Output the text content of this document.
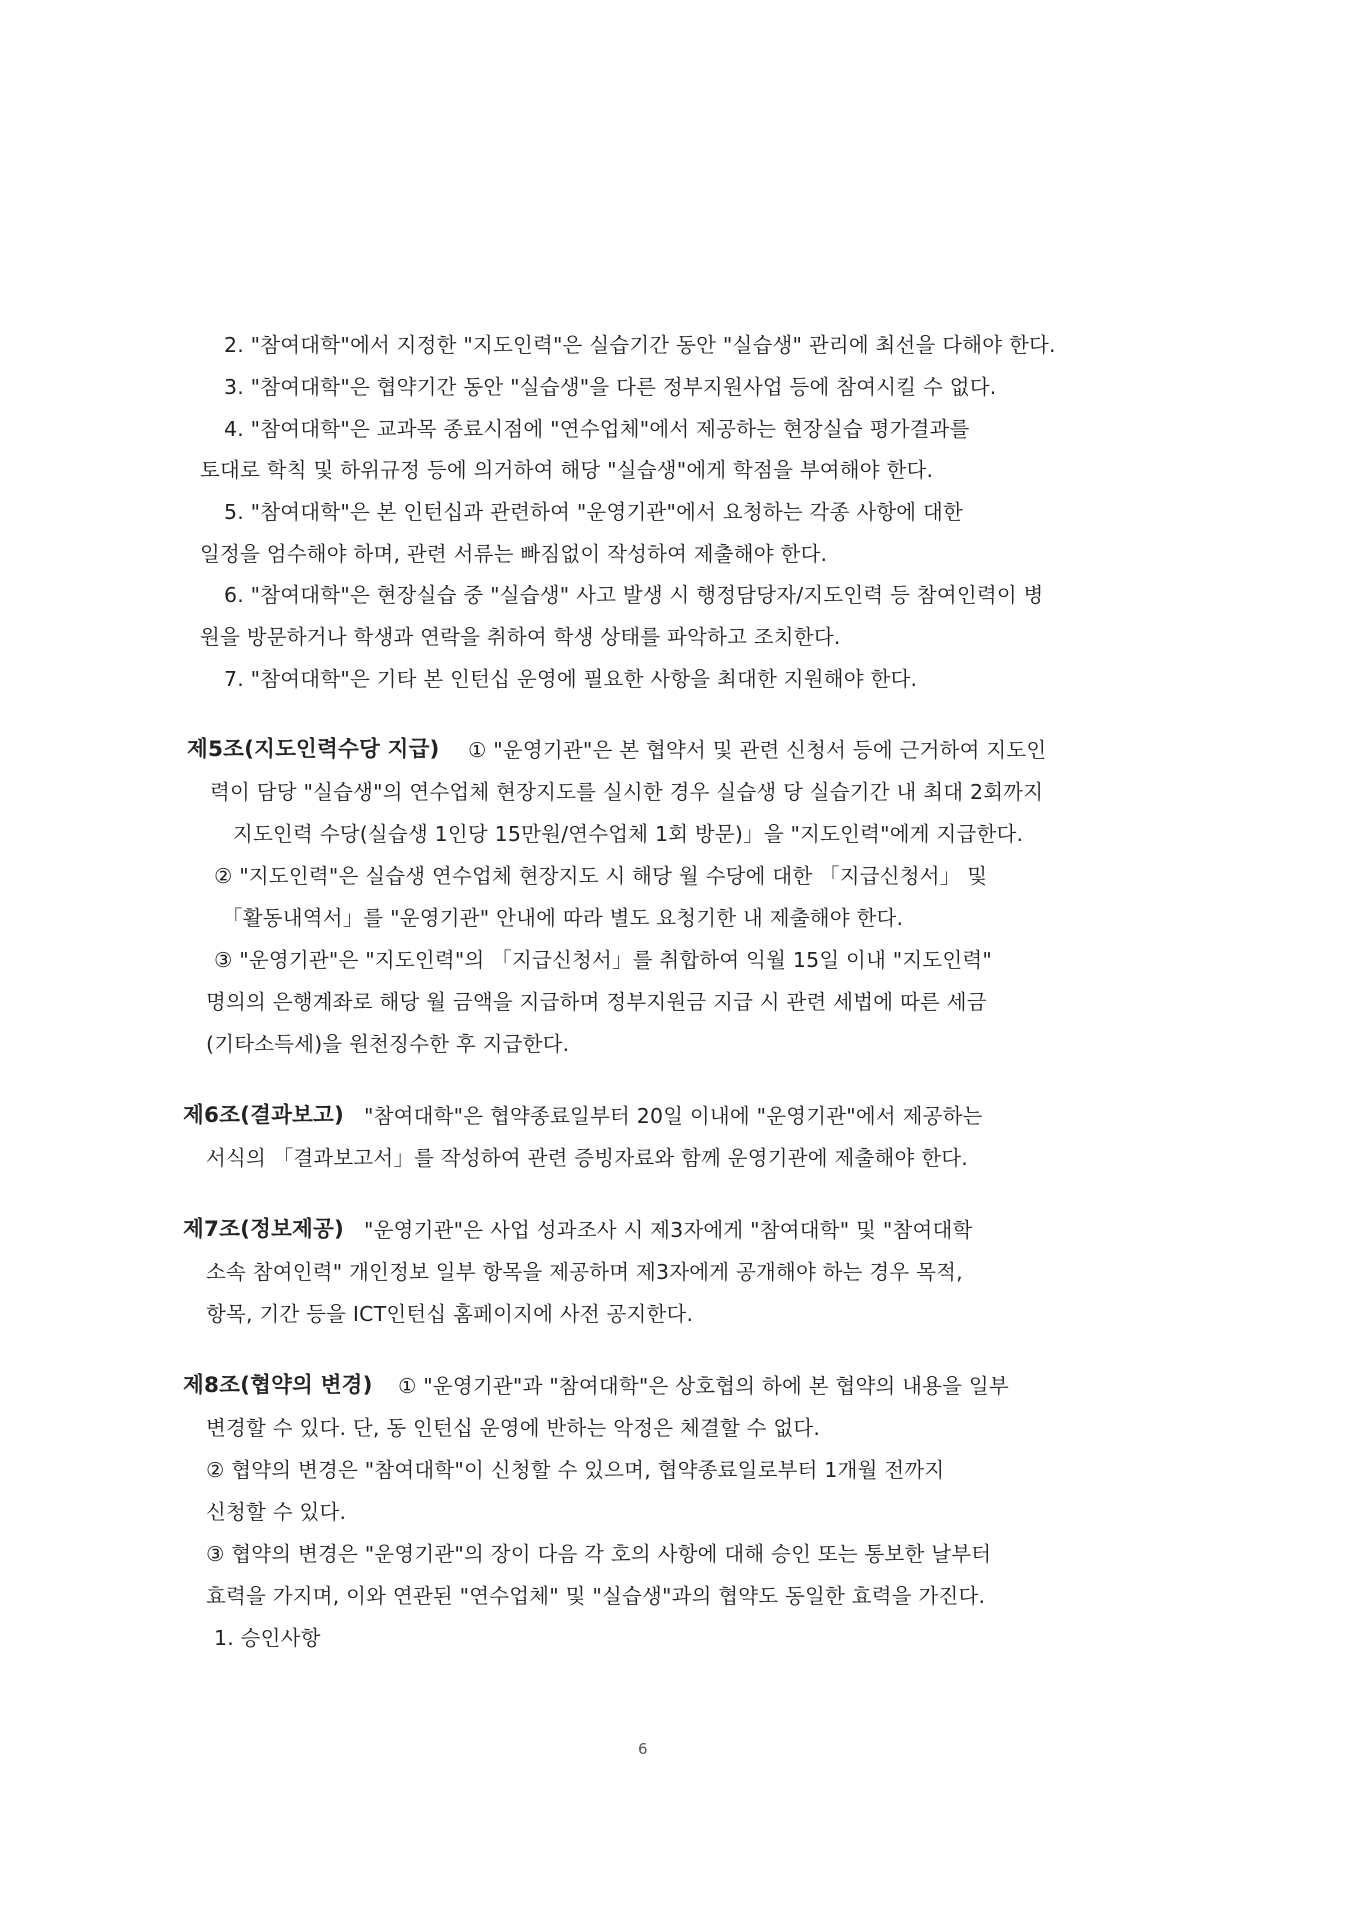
2. "참여대학"에서 지정한 "지도인력"은 실습기간 동안 "실습생" 관리에 최선을 다해야 한다.
3. "참여대학"은 협약기간 동안 "실습생"을 다른 정부지원사업 등에 참여시킬 수 없다.
4. "참여대학"은 교과목 종료시점에 "연수업체"에서 제공하는 현장실습 평가결과를
토대로 학칙 및 하위규정 등에 의거하여 해당 "실습생"에게 학점을 부여해야 한다.
5. "참여대학"은 본 인턴십과 관련하여 "운영기관"에서 요청하는 각종 사항에 대한
일정을 엄수해야 하며, 관련 서류는 빠짐없이 작성하여 제출해야 한다.
6. "참여대학"은 현장실습 중 "실습생" 사고 발생 시 행정담당자/지도인력 등 참여인력이 병
원을 방문하거나 학생과 연락을 취하여 학생 상태를 파악하고 조치한다.
7. "참여대학"은 기타 본 인턴십 운영에 필요한 사항을 최대한 지원해야 한다.
제5조(지도인력수당 지급) ① "운영기관"은 본 협약서 및 관련 신청서 등에 근거하여 지도인
력이 담당 "실습생"의 연수업체 현장지도를 실시한 경우 실습생 당 실습기간 내 최대 2회까지
지도인력 수당(실습생 1인당 15만원/연수업체 1회 방문)」을 "지도인력"에게 지급한다.
② "지도인력"은 실습생 연수업체 현장지도 시 해당 월 수당에 대한 「지급신청서」 및
「활동내역서」를 "운영기관" 안내에 따라 별도 요청기한 내 제출해야 한다.
③ "운영기관"은 "지도인력"의 「지급신청서」를 취합하여 익월 15일 이내 "지도인력"
명의의 은행계좌로 해당 월 금액을 지급하며 정부지원금 지급 시 관련 세법에 따른 세금
(기타소득세)을 원천징수한 후 지급한다.
제6조(결과보고) "참여대학"은 협약종료일부터 20일 이내에 "운영기관"에서 제공하는
서식의 「결과보고서」를 작성하여 관련 증빙자료와 함께 운영기관에 제출해야 한다.
제7조(정보제공) "운영기관"은 사업 성과조사 시 제3자에게 "참여대학" 및 "참여대학
소속 참여인력" 개인정보 일부 항목을 제공하며 제3자에게 공개해야 하는 경우 목적,
항목, 기간 등을 ICT인턴십 홈페이지에 사전 공지한다.
제8조(협약의 변경) ① "운영기관"과 "참여대학"은 상호협의 하에 본 협약의 내용을 일부
변경할 수 있다. 단, 동 인턴십 운영에 반하는 악정은 체결할 수 없다.
② 협약의 변경은 "참여대학"이 신청할 수 있으며, 협약종료일로부터 1개월 전까지
신청할 수 있다.
③ 협약의 변경은 "운영기관"의 장이 다음 각 호의 사항에 대해 승인 또는 통보한 날부터
효력을 가지며, 이와 연관된 "연수업체" 및 "실습생"과의 협약도 동일한 효력을 가진다.
1. 승인사항
6
